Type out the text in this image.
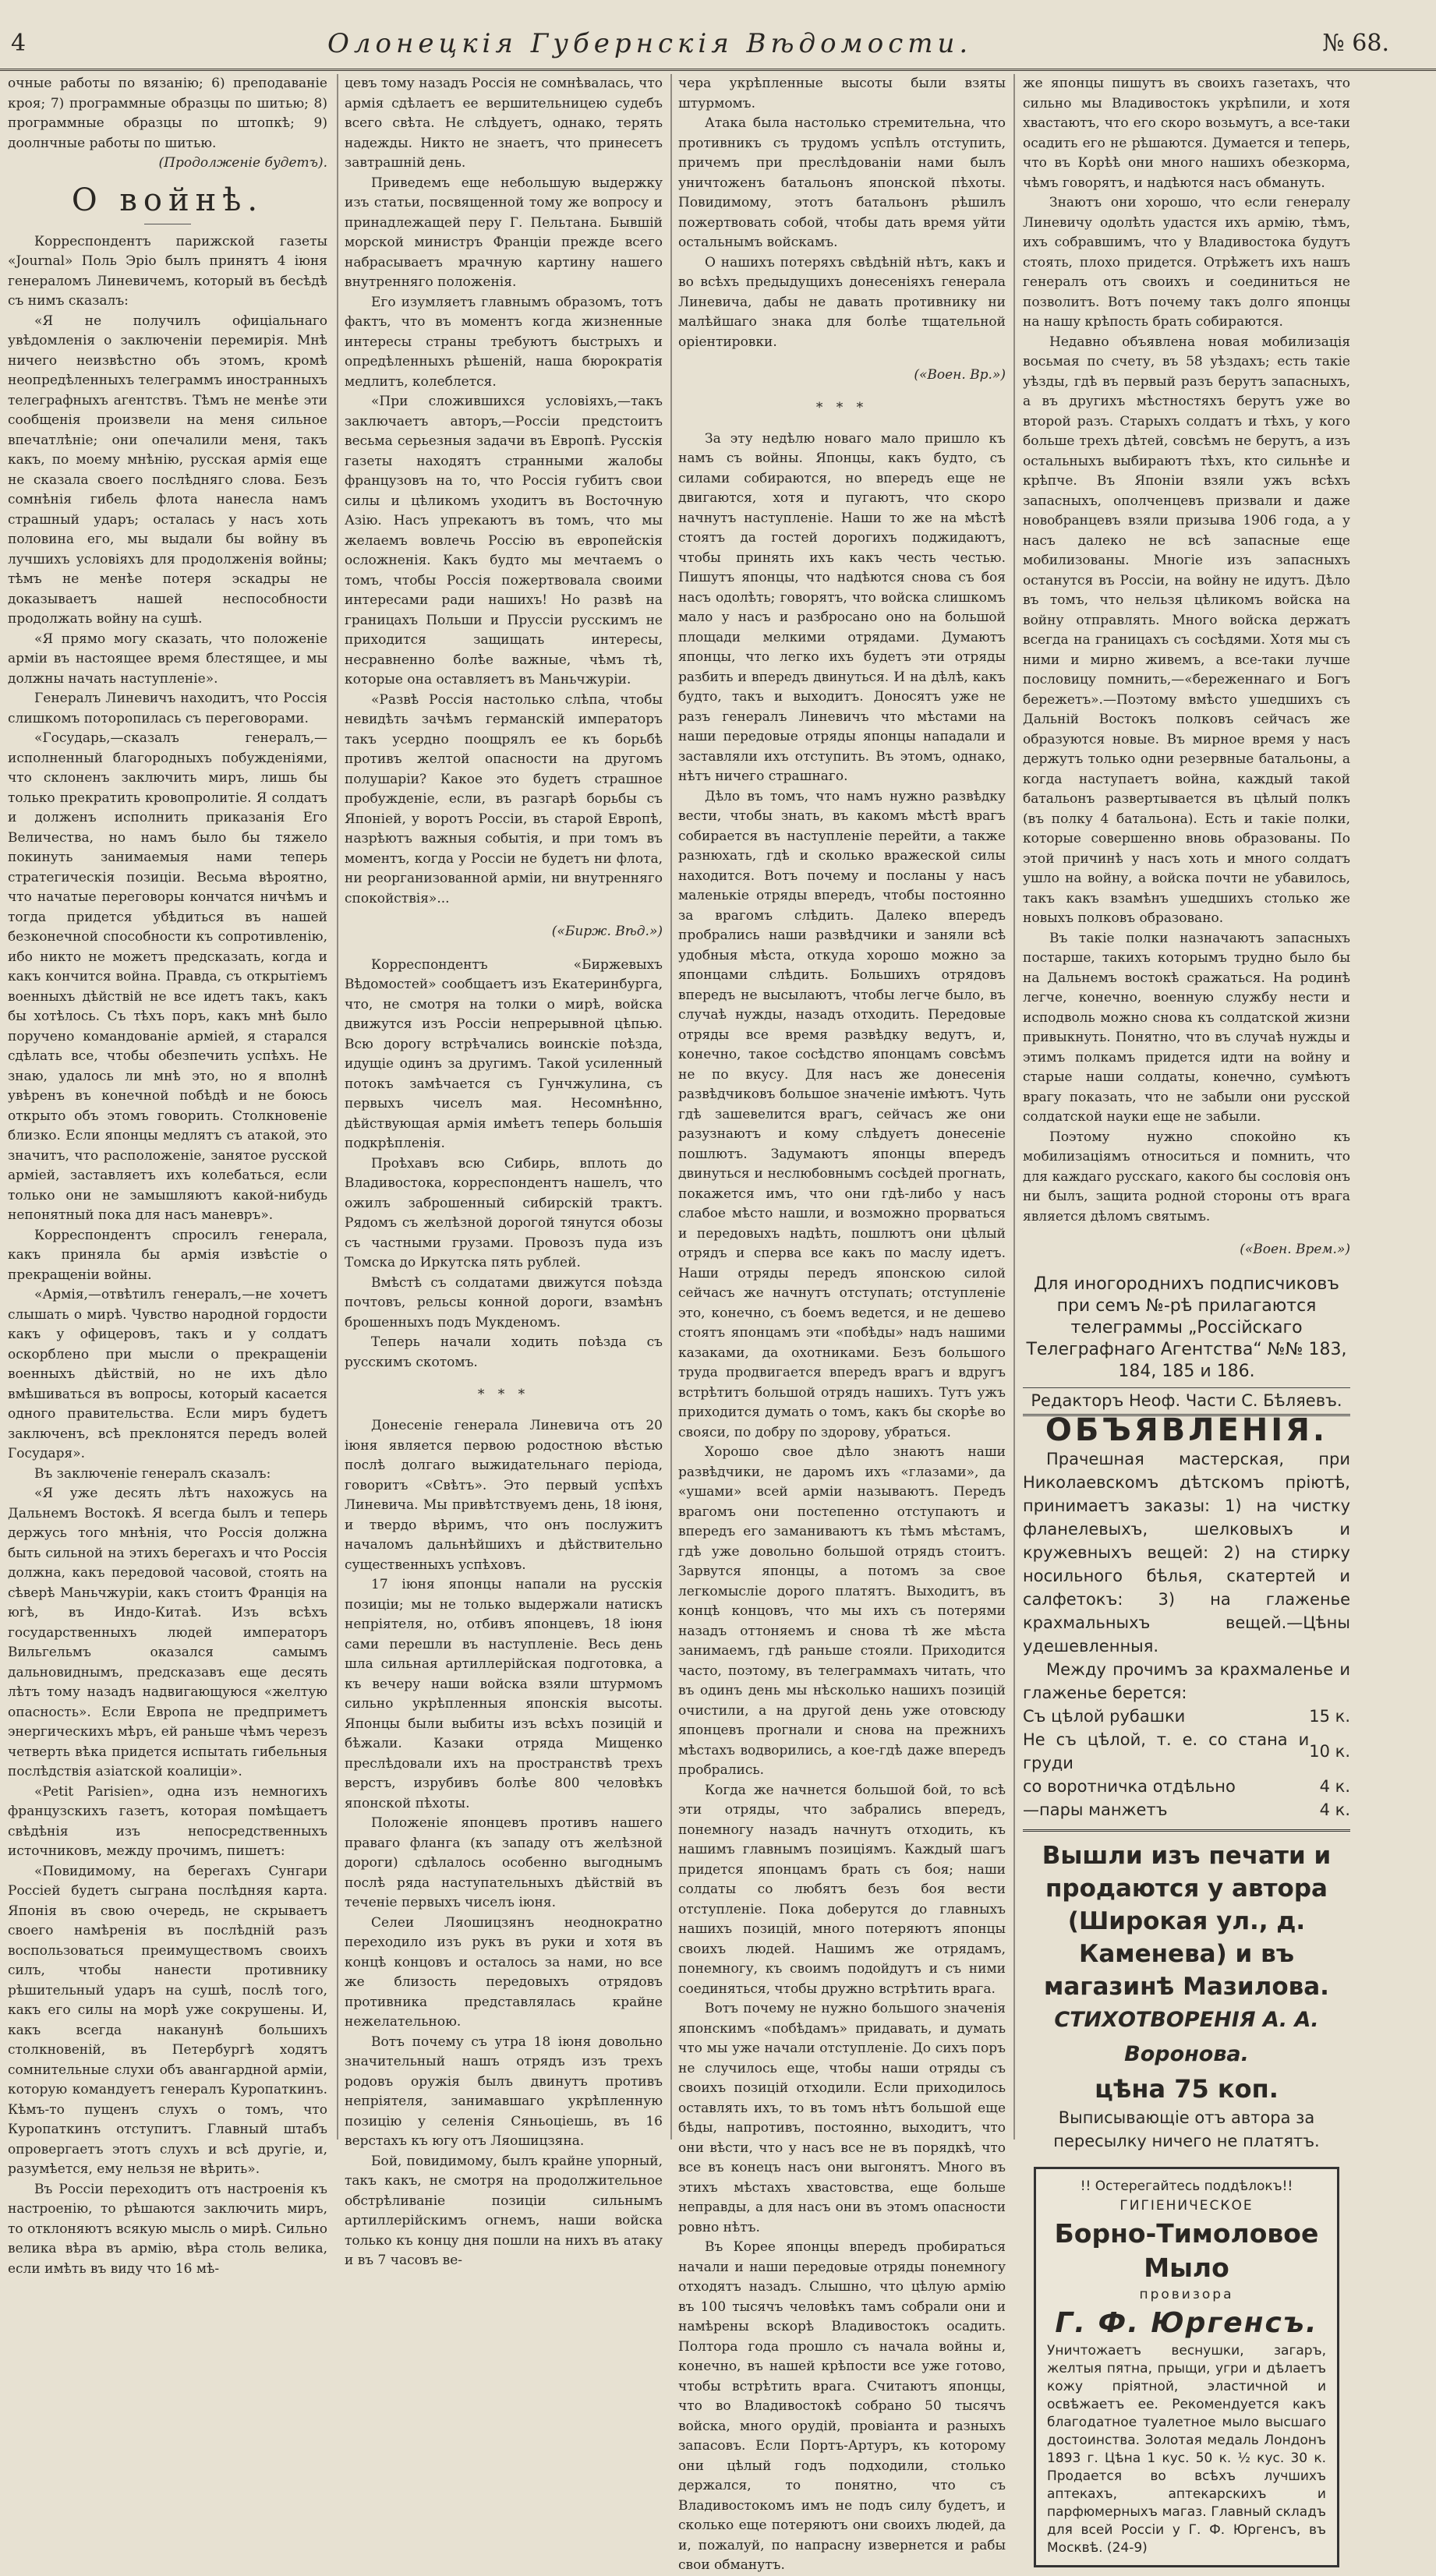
4	Олонецкія Губернскія Вѣдомости.	№ 68.

очные работы по вязанію; 6) преподаваніе кроя; 7) программные образцы по шитью; 8) программные образцы по штопкѣ; 9) доолнчные работы по шитью.

(Продолженіе будетъ).

О войнѣ.

Корреспондентъ парижской газеты «Journal» Поль Эріо былъ принятъ 4 іюня генераломъ Линевичемъ, который въ бесѣдѣ съ нимъ сказалъ:

«Я не получилъ офиціальнаго увѣдомленія о заключеніи перемирія. Мнѣ ничего неизвѣстно объ этомъ, кромѣ неопредѣленныхъ телеграммъ иностранныхъ телеграфныхъ агентствъ. Тѣмъ не менѣе эти сообщенія произвели на меня сильное впечатлѣніе; они опечалили меня, такъ какъ, по моему мнѣнію, русская армія еще не сказала своего послѣдняго слова. Безъ сомнѣнія гибель флота нанесла намъ страшный ударъ; осталась у насъ хоть половина его, мы выдали бы войну въ лучшихъ условіяхъ для продолженія войны; тѣмъ не менѣе потеря эскадры не доказываетъ нашей неспособности продолжать войну на сушѣ.

«Я прямо могу сказать, что положеніе арміи въ настоящее время блестящее, и мы должны начать наступленіе».

Генералъ Линевичъ находитъ, что Россія слишкомъ поторопилась съ переговорами.

«Государь,—сказалъ генералъ,—исполненный благородныхъ побужденіями, что склоненъ заключить миръ, лишь бы только прекратить кровопролитіе. Я солдатъ и долженъ исполнить приказанія Его Величества, но намъ было бы тяжело покинуть занимаемыя нами теперь стратегическія позиціи. Весьма вѣроятно, что начатые переговоры кончатся ничѣмъ и тогда придется убѣдиться въ нашей безконечной способности къ сопротивленію, ибо никто не можетъ предсказать, когда и какъ кончится война. Правда, съ открытіемъ военныхъ дѣйствій не все идетъ такъ, какъ бы хотѣлось. Съ тѣхъ поръ, какъ мнѣ было поручено командованіе арміей, я старался сдѣлать все, чтобы обезпечить успѣхъ. Не знаю, удалось ли мнѣ это, но я вполнѣ увѣренъ въ конечной побѣдѣ и не боюсь открыто объ этомъ говорить. Столкновеніе близко. Если японцы медлятъ съ атакой, это значитъ, что расположеніе, занятое русской арміей, заставляетъ ихъ колебаться, если только они не замышляютъ какой-нибудь непонятный пока для насъ маневръ».

Корреспондентъ спросилъ генерала, какъ приняла бы армія извѣстіе о прекращеніи войны.

«Армія,—отвѣтилъ генералъ,—не хочетъ слышать о мирѣ. Чувство народной гордости какъ у офицеровъ, такъ и у солдатъ оскорблено при мысли о прекращеніи военныхъ дѣйствій, но не ихъ дѣло вмѣшиваться въ вопросы, который касается одного правительства. Если миръ будетъ заключенъ, всѣ преклонятся передъ волей Государя».

Въ заключеніе генералъ сказалъ:

«Я уже десять лѣтъ нахожусь на Дальнемъ Востокѣ. Я всегда былъ и теперь держусь того мнѣнія, что Россія должна быть сильной на этихъ берегахъ и что Россія должна, какъ передовой часовой, стоять на сѣверѣ Маньчжуріи, какъ стоитъ Франція на югѣ, въ Индо-Китаѣ. Изъ всѣхъ государственныхъ людей императоръ Вильгельмъ оказался самымъ дальновиднымъ, предсказавъ еще десять лѣтъ тому назадъ надвигающуюся «желтую опасность». Если Европа не предприметъ энергическихъ мѣръ, ей раньше чѣмъ черезъ четверть вѣка придется испытать гибельныя послѣдствія азіатской коалиціи».

«Petit Parisien», одна изъ немногихъ французскихъ газетъ, которая помѣщаетъ свѣдѣнія изъ непосредственныхъ источниковъ, между прочимъ, пишетъ:

«Повидимому, на берегахъ Сунгари Россіей будетъ сыграна послѣдняя карта. Японія въ свою очередь, не скрываетъ своего намѣренія въ послѣдній разъ воспользоваться преимуществомъ своихъ силъ, чтобы нанести противнику рѣшительный ударъ на сушѣ, послѣ того, какъ его силы на морѣ уже сокрушены. И, какъ всегда наканунѣ большихъ столкновеній, въ Петербургѣ ходятъ сомнительные слухи объ авангардной арміи, которую командуетъ генералъ Куропаткинъ. Кѣмъ-то пущенъ слухъ о томъ, что Куропаткинъ отступитъ. Главный штабъ опровергаетъ этотъ слухъ и всѣ другіе, и, разумѣется, ему нельзя не вѣрить».

Въ Россіи переходитъ отъ настроенія къ настроенію, то рѣшаются заключить миръ, то отклоняютъ всякую мысль о мирѣ. Сильно велика вѣра въ армію, вѣра столь велика, если имѣть въ виду что 16 мѣ-

цевъ тому назадъ Россія не сомнѣвалась, что армія сдѣлаетъ ее вершительницею судебъ всего свѣта. Не слѣдуетъ, однако, терять надежды. Никто не знаетъ, что принесетъ завтрашній день.

Приведемъ еще небольшую выдержку изъ статьи, посвященной тому же вопросу и принадлежащей перу Г. Пельтана. Бывшій морской министръ Франціи прежде всего набрасываетъ мрачную картину нашего внутренняго положенія.

Его изумляетъ главнымъ образомъ, тотъ фактъ, что въ моментъ когда жизненные интересы страны требуютъ быстрыхъ и опредѣленныхъ рѣшеній, наша бюрократія медлитъ, колеблется.

«При сложившихся условіяхъ,—такъ заключаетъ авторъ,—Россіи предстоитъ весьма серьезныя задачи въ Европѣ. Русскія газеты находятъ странными жалобы французовъ на то, что Россія губитъ свои силы и цѣликомъ уходитъ въ Восточную Азію. Насъ упрекаютъ въ томъ, что мы желаемъ вовлечь Россію въ европейскія осложненія. Какъ будто мы мечтаемъ о томъ, чтобы Россія пожертвовала своими интересами ради нашихъ! Но развѣ на границахъ Польши и Пруссіи русскимъ не приходится защищать интересы, несравненно болѣе важные, чѣмъ тѣ, которые она оставляетъ въ Маньчжуріи.

«Развѣ Россія настолько слѣпа, чтобы невидѣть зачѣмъ германскій императоръ такъ усердно поощрялъ ее къ борьбѣ противъ желтой опасности на другомъ полушаріи? Какое это будетъ страшное пробужденіе, если, въ разгарѣ борьбы съ Японіей, у воротъ Россіи, въ старой Европѣ, назрѣютъ важныя событія, и при томъ въ моментъ, когда у Россіи не будетъ ни флота, ни реорганизованной арміи, ни внутренняго спокойствія»...

(«Бирж. Вѣд.»)

Корреспондентъ «Биржевыхъ Вѣдомостей» сообщаетъ изъ Екатеринбурга, что, не смотря на толки о мирѣ, войска движутся изъ Россіи непрерывной цѣпью. Всю дорогу встрѣчались воинскіе поѣзда, идущіе одинъ за другимъ. Такой усиленный потокъ замѣчается съ Гунчжулина, съ первыхъ чиселъ мая. Несомнѣнно, дѣйствующая армія имѣетъ теперь большія подкрѣпленія.

Проѣхавъ всю Сибирь, вплоть до Владивостока, корреспондентъ нашелъ, что ожилъ заброшенный сибирскій трактъ. Рядомъ съ желѣзной дорогой тянутся обозы съ частными грузами. Провозъ пуда изъ Томска до Иркутска пять рублей.

Вмѣстѣ съ солдатами движутся поѣзда почтовъ, рельсы конной дороги, взамѣнъ брошенныхъ подъ Мукденомъ.

Теперь начали ходить поѣзда съ русскимъ скотомъ.

* * *

Донесеніе генерала Линевича отъ 20 іюня является первою родостною вѣстью послѣ долгаго выжидательнаго періода, говоритъ «Свѣтъ». Это первый успѣхъ Линевича. Мы привѣтствуемъ день, 18 іюня, и твердо вѣримъ, что онъ послужитъ началомъ дальнѣйшихъ и дѣйствительно существенныхъ успѣховъ.

17 іюня японцы напали на русскія позиціи; мы не только выдержали натискъ непріятеля, но, отбивъ японцевъ, 18 іюня сами перешли въ наступленіе. Весь день шла сильная артиллерійская подготовка, а къ вечеру наши войска взяли штурмомъ сильно укрѣпленныя японскія высоты. Японцы были выбиты изъ всѣхъ позицій и бѣжали. Казаки отряда Мищенко преслѣдовали ихъ на пространствѣ трехъ верстъ, изрубивъ болѣе 800 человѣкъ японской пѣхоты.

Положеніе японцевъ противъ нашего праваго фланга (къ западу отъ желѣзной дороги) сдѣлалось особенно выгоднымъ послѣ ряда наступательныхъ дѣйствій въ теченіе первыхъ чиселъ іюня.

Селеи Ляошицзянъ неоднократно переходило изъ рукъ въ руки и хотя въ концѣ концовъ и осталось за нами, но все же близость передовыхъ отрядовъ противника представлялась крайне нежелательною.

Вотъ почему съ утра 18 іюня довольно значительный нашъ отрядъ изъ трехъ родовъ оружія былъ двинутъ противъ непріятеля, занимавшаго укрѣпленную позицію у селенія Сяньоціешь, въ 16 верстахъ къ югу отъ Ляошицзяна.

Бой, повидимому, былъ крайне упорный, такъ какъ, не смотря на продолжительное обстрѣливаніе позиціи сильнымъ артиллерійскимъ огнемъ, наши войска только къ концу дня пошли на нихъ въ атаку и въ 7 часовъ ве-

чера укрѣпленные высоты были взяты штурмомъ.

Атака была настолько стремительна, что противникъ съ трудомъ успѣлъ отступить, причемъ при преслѣдованіи нами былъ уничтоженъ батальонъ японской пѣхоты. Повидимому, этотъ батальонъ рѣшилъ пожертвовать собой, чтобы дать время уйти остальнымъ войскамъ.

О нашихъ потеряхъ свѣдѣній нѣтъ, какъ и во всѣхъ предыдущихъ донесеніяхъ генерала Линевича, дабы не давать противнику ни малѣйшаго знака для болѣе тщательной оріентировки.

(«Воен. Вр.»)

* * *

За эту недѣлю новаго мало пришло къ намъ съ войны. Японцы, какъ будто, съ силами собираются, но впередъ еще не двигаются, хотя и пугаютъ, что скоро начнутъ наступленіе. Наши то же на мѣстѣ стоятъ да гостей дорогихъ поджидаютъ, чтобы принять ихъ какъ честь честью. Пишутъ японцы, что надѣются снова съ боя насъ одолѣть; говорятъ, что войска слишкомъ мало у насъ и разбросано оно на большой площади мелкими отрядами. Думаютъ японцы, что легко ихъ будетъ эти отряды разбить и впередъ двинуться. И на дѣлѣ, какъ будто, такъ и выходитъ. Доносятъ уже не разъ генералъ Линевичъ что мѣстами на наши передовые отряды японцы нападали и заставляли ихъ отступить. Въ этомъ, однако, нѣтъ ничего страшнаго.

Дѣло въ томъ, что намъ нужно развѣдку вести, чтобы знать, въ какомъ мѣстѣ врагъ собирается въ наступленіе перейти, а также разнюхать, гдѣ и сколько вражеской силы находится. Вотъ почему и посланы у насъ маленькіе отряды впередъ, чтобы постоянно за врагомъ слѣдить. Далеко впередъ пробрались наши развѣдчики и заняли всѣ удобныя мѣста, откуда хорошо можно за японцами слѣдить. Большихъ отрядовъ впередъ не высылаютъ, чтобы легче было, въ случаѣ нужды, назадъ отходить. Передовые отряды все время развѣдку ведутъ, и, конечно, такое сосѣдство японцамъ совсѣмъ не по вкусу. Для насъ же донесенія развѣдчиковъ большое значеніе имѣютъ. Чуть гдѣ зашевелится врагъ, сейчасъ же они разузнаютъ и кому слѣдуетъ донесеніе пошлютъ. Задумаютъ японцы впередъ двинуться и неслюбовнымъ сосѣдей прогнать, покажется имъ, что они гдѣ-либо у насъ слабое мѣсто нашли, и возможно прорваться и передовыхъ надѣть, пошлютъ они цѣлый отрядъ и сперва все какъ по маслу идетъ. Наши отряды передъ японскою силой сейчасъ же начнутъ отступать; отступленіе это, конечно, съ боемъ ведется, и не дешево стоятъ японцамъ эти «побѣды» надъ нашими казаками, да охотниками. Безъ большого труда продвигается впередъ врагъ и вдругъ встрѣтитъ большой отрядъ нашихъ. Тутъ ужъ приходится думать о томъ, какъ бы скорѣе во свояси, по добру по здорову, убраться.

Хорошо свое дѣло знаютъ наши развѣдчики, не даромъ ихъ «глазами», да «ушами» всей арміи называютъ. Передъ врагомъ они постепенно отступаютъ и впередъ его заманиваютъ къ тѣмъ мѣстамъ, гдѣ уже довольно большой отрядъ стоитъ. Зарвутся японцы, а потомъ за свое легкомысліе дорого платятъ. Выходитъ, въ концѣ концовъ, что мы ихъ съ потерями назадъ оттоняемъ и снова тѣ же мѣста занимаемъ, гдѣ раньше стояли. Приходится часто, поэтому, въ телеграммахъ читать, что въ одинъ день мы нѣсколько нашихъ позицій очистили, а на другой день уже отовсюду японцевъ прогнали и снова на прежнихъ мѣстахъ водворились, а кое-гдѣ даже впередъ пробрались.

Когда же начнется большой бой, то всѣ эти отряды, что забрались впередъ, понемногу назадъ начнутъ отходить, къ нашимъ главнымъ позиціямъ. Каждый шагъ придется японцамъ брать съ боя; наши солдаты со любятъ безъ боя вести отступленіе. Пока доберутся до главныхъ нашихъ позицій, много потеряютъ японцы своихъ людей. Нашимъ же отрядамъ, понемногу, къ своимъ подойдутъ и съ ними соединяться, чтобы дружно встрѣтить врага.

Вотъ почему не нужно большого значенія японскимъ «побѣдамъ» придавать, и думать что мы уже начали отступленіе. До сихъ поръ не случилось еще, чтобы наши отряды съ своихъ позицій отходили. Если приходилось оставлять ихъ, то въ томъ нѣтъ большой еще бѣды, напротивъ, постоянно, выходитъ, что они вѣсти, что у насъ все не въ порядкѣ, что все въ конецъ насъ они выгонятъ. Много въ этихъ мѣстахъ хвастовства, еще больше неправды, а для насъ они въ этомъ опасности ровно нѣтъ.

Въ Корее японцы впередъ пробираться начали и наши передовые отряды понемногу отходятъ назадъ. Слышно, что цѣлую армію въ 100 тысячъ человѣкъ тамъ собрали они и намѣрены вскорѣ Владивостокъ осадить. Полтора года прошло съ начала войны и, конечно, въ нашей крѣпости все уже готово, чтобы встрѣтить врага. Считаютъ японцы, что во Владивостокѣ собрано 50 тысячъ войска, много орудій, провіанта и разныхъ запасовъ. Если Портъ-Артуръ, къ которому они цѣлый годъ подходили, столько держался, то понятно, что съ Владивостокомъ имъ не подъ силу будетъ, и сколько еще потеряютъ они своихъ людей, да и, пожалуй, по напрасну извернется и рабы свои обманутъ.

же японцы пишутъ въ своихъ газетахъ, что сильно мы Владивостокъ укрѣпили, и хотя хвастаютъ, что его скоро возьмутъ, а все-таки осадить его не рѣшаются. Думается и теперь, что въ Корѣѣ они много нашихъ обезкорма, чѣмъ говорятъ, и надѣются насъ обмануть.

Знаютъ они хорошо, что если генералу Линевичу одолѣть удастся ихъ армію, тѣмъ, ихъ собравшимъ, что у Владивостока будутъ стоять, плохо придется. Отрѣжетъ ихъ нашъ генералъ отъ своихъ и соединиться не позволитъ. Вотъ почему такъ долго японцы на нашу крѣпость брать собираются.

Недавно объявлена новая мобилизація восьмая по счету, въ 58 уѣздахъ; есть такіе уѣзды, гдѣ въ первый разъ берутъ запасныхъ, а въ другихъ мѣстностяхъ берутъ уже во второй разъ. Старыхъ солдатъ и тѣхъ, у кого больше трехъ дѣтей, совсѣмъ не берутъ, а изъ остальныхъ выбираютъ тѣхъ, кто сильнѣе и крѣпче. Въ Японіи взяли ужъ всѣхъ запасныхъ, ополченцевъ призвали и даже новобранцевъ взяли призыва 1906 года, а у насъ далеко не всѣ запасные еще мобилизованы. Многіе изъ запасныхъ останутся въ Россіи, на войну не идутъ. Дѣло въ томъ, что нельзя цѣликомъ войска на войну отправлять. Много войска держатъ всегда на границахъ съ сосѣдями. Хотя мы съ ними и мирно живемъ, а все-таки лучше пословицу помнить,—«береженнаго и Богъ бережетъ».—Поэтому вмѣсто ушедшихъ съ Дальній Востокъ полковъ сейчасъ же образуются новые. Въ мирное время у насъ держутъ только одни резервные батальоны, а когда наступаетъ война, каждый такой батальонъ развертывается въ цѣлый полкъ (въ полку 4 батальона). Есть и такіе полки, которые совершенно вновь образованы. По этой причинѣ у насъ хоть и много солдатъ ушло на войну, а войска почти не убавилось, такъ какъ взамѣнъ ушедшихъ столько же новыхъ полковъ образовано.

Въ такіе полки назначаютъ запасныхъ постарше, такихъ которымъ трудно было бы на Дальнемъ востокѣ сражаться. На родинѣ легче, конечно, военную службу нести и исподволь можно снова къ солдатской жизни привыкнуть. Понятно, что въ случаѣ нужды и этимъ полкамъ придется идти на войну и старые наши солдаты, конечно, сумѣютъ врагу показать, что не забыли они русской солдатской науки еще не забыли.

Поэтому нужно спокойно къ мобилизаціямъ относиться и помнить, что для каждаго русскаго, какого бы сословія онъ ни былъ, защита родной стороны отъ врага является дѣломъ святымъ.

(«Воен. Врем.»)

Для иногороднихъ подписчиковъ при семъ №-рѣ прилагаются телеграммы „Россійскаго Телеграфнаго Агентства“ №№ 183, 184, 185 и 186.

Редакторъ Неоф. Части С. Бѣляевъ.

ОБЪЯВЛЕНІЯ.

Прачешная мастерская, при Николаевскомъ дѣтскомъ пріютѣ, принимаетъ заказы: 1) на чистку фланелевыхъ, шелковыхъ и кружевныхъ вещей: 2) на стирку носильного бѣлья, скатертей и салфетокъ: 3) на глаженье крахмальныхъ вещей.—Цѣны удешевленныя.

Между прочимъ за крахмаленье и глаженье берется:

Съ цѣлой рубашки	15 к.
Не съ цѣлой, т. е. со стана и груди	10 к.
со воротничка отдѣльно	4 к.
—пары манжетъ	4 к.
Вышли изъ печати и продаются у автора (Широкая ул., д. Каменева) и въ магазинѣ Мазилова.
СТИХОТВОРЕНІЯ А. А. Воронова.
цѣна 75 коп.
Выписывающіе отъ автора за пересылку ничего не платятъ.
!! Остерегайтесь поддѣлокъ!!
ГИГІЕНИЧЕСКОЕ
Борно-Тимоловое Мыло
провизора
Г. Ф. Юргенсъ.
Уничтожаетъ веснушки, загаръ, желтыя пятна, прыщи, угри и дѣлаетъ кожу пріятной, эластичной и освѣжаетъ ее. Рекомендуется какъ благодатное туалетное мыло высшаго достоинства. Золотая медаль Лондонъ 1893 г. Цѣна 1 кус. 50 к. ½ кус. 30 к. Продается во всѣхъ лучшихъ аптекахъ, аптекарскихъ и парфюмерныхъ магаз. Главный складъ для всей Россіи у Г. Ф. Юргенсъ, въ Москвѣ. (24-9)
